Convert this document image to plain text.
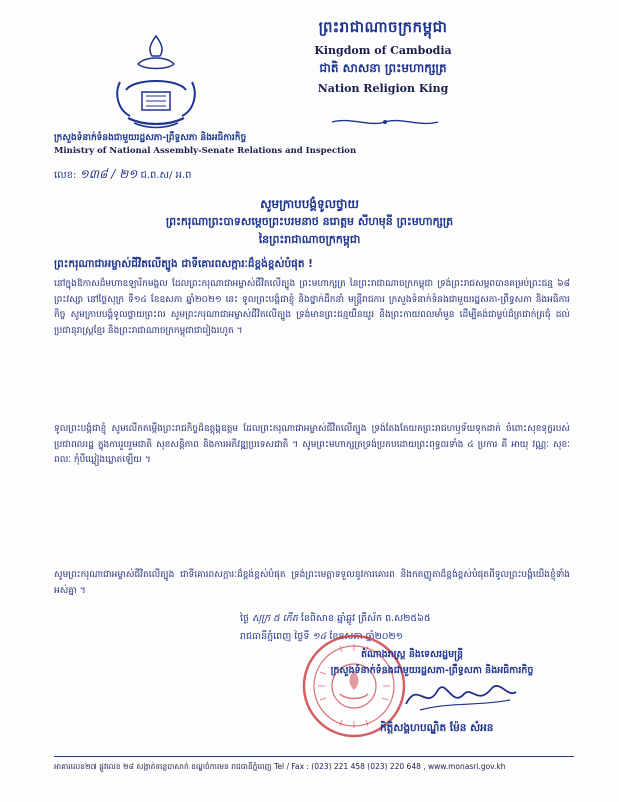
ព្រះរាជាណាចក្រកម្ពុជា
Kingdom of Cambodia
ជាតិ សាសនា ព្រះមហាក្សត្រ
Nation Religion King
ក្រសួងទំនាក់ទំនងជាមួយរដ្ឋសភា-ព្រឹទ្ធសភា និងអធិការកិច្ច
Ministry of National Assembly-Senate Relations and Inspection
លេខ: ១៣៨ / ២១ ជ.ព.ស/ អ.ព
សូមក្រាបបង្គំទូលថ្វាយ
ព្រះករុណាព្រះបាទសម្តេចព្រះបរមនាថ នរោត្តម សីហមុនី ព្រះមហាក្សត្រ
នៃព្រះរាជាណាចក្រកម្ពុជា
ព្រះករុណាជាអម្ចាស់ជីវិតលើត្បូង ជាទីគោរពសក្ការៈដ៏ខ្ពង់ខ្ពស់បំផុត !
នៅក្នុងឱកាសដ៏មហាឧឡារិកមង្គល ដែលព្រះករុណាជាអម្ចាស់ជីវិតលើត្បូង ព្រះមហាក្សត្រ នៃព្រះរាជាណាចក្រកម្ពុជា ទ្រង់ព្រះរាជសម្ភពបានគម្រប់ព្រះជន្ម ៦៨ ព្រះវស្សា នៅថ្ងៃសុក្រ ទី១៤ ខែឧសភា ឆ្នាំ២០២១ នេះ ទូលព្រះបង្គំជាខ្ញុំ និងថ្នាក់ដឹកនាំ មន្ត្រីរាជការ ក្រសួងទំនាក់ទំនងជាមួយរដ្ឋសភា-ព្រឹទ្ធសភា និងអធិការកិច្ច សូមក្រាបបង្គំទូលថ្វាយព្រះពរ សូមព្រះករុណាជាអម្ចាស់ជីវិតលើត្បូង ទ្រង់មានព្រះជន្មយឺនយូរ និងព្រះកាយពលមាំមួន ដើម្បីគង់ជាម្លប់ដ៏ត្រជាក់ត្រជុំ ដល់ប្រជានុរាស្ត្រខ្មែរ និងព្រះរាជាណាចក្រកម្ពុជាជារៀងរហូត ។
ទូលព្រះបង្គំជាខ្ញុំ សូមលើកតម្កើងព្រះរាជកិច្ចដ៏ឧត្តុង្គឧត្តម ដែលព្រះករុណាជាអម្ចាស់ជីវិតលើត្បូង ទ្រង់តែងតែយកព្រះរាជហឫទ័យទុកដាក់ ចំពោះសុខទុក្ខរបស់ប្រជាពលរដ្ឋ ក្នុងការរួបរួមជាតិ សុខសន្តិភាព និងការអភិវឌ្ឍប្រទេសជាតិ ។ សូមព្រះមហាក្សត្រទ្រង់ប្រកបដោយព្រះពុទ្ធពរទាំង ៤ ប្រការ គឺ អាយុ វណ្ណៈ សុខៈ ពលៈ កុំបីឃ្លៀងឃ្លាតឡើយ ។
សូមព្រះករុណាជាអម្ចាស់ជីវិតលើត្បូង ជាទីគោរពសក្ការៈដ៏ខ្ពង់ខ្ពស់បំផុត ទ្រង់ព្រះមេត្តាទទួលនូវការគោរព និងកតញ្ញូតាដ៏ខ្ពង់ខ្ពស់បំផុតពីទូលព្រះបង្គំយើងខ្ញុំទាំងអស់គ្នា ។
ថ្ងៃ សុក្រ ៥ កើត ខែពិសាខ ឆ្នាំឆ្លូវ ត្រីស័ក ព.ស២៥៦៥
រាជធានីភ្នំពេញ ថ្ងៃទី ១៤ ខែឧសភា ឆ្នាំ២០២១
តំណាងរាស្ត្រ និងទេសរដ្ឋមន្ត្រី
ក្រសួងទំនាក់ទំនងជាមួយរដ្ឋសភា-ព្រឹទ្ធសភា និងអធិការកិច្ច
កិត្តិសង្គហបណ្ឌិត ម៉ែន សំអន
អាគារលេខ២៧ ផ្លូវលេខ ២៨ សង្កាត់ទន្លេបាសាក់ ខណ្ឌចំការមន រាជធានីភ្នំពេញ Tel / Fax : (023) 221 458 (023) 220 648 , www.monasri.gov.kh
